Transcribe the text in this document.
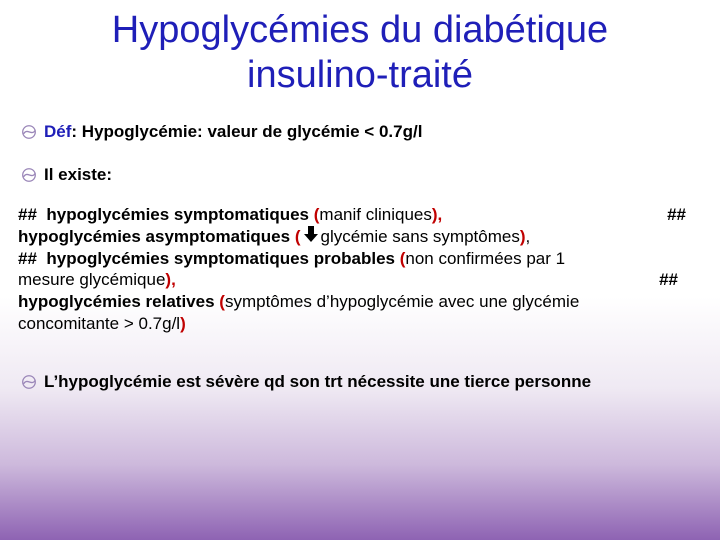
Hypoglycémies du diabétique
insulino-traité
Déf : Hypoglycémie: valeur de glycémie < 0.7g/l
Il existe:
## hypoglycémies symptomatiques (manif cliniques),	##
hypoglycémies asymptomatiques
( glycémie sans symptômes ) ,
##
hypoglycémies symptomatiques probables
( non confirmées par 1
mesure glycémique),	##
hypoglycémies relatives
( symptômes d’hypoglycémie avec une glycémie
concomitante > 0.7g/l )
L’hypoglycémie est sévère qd son trt nécessite une tierce personne
